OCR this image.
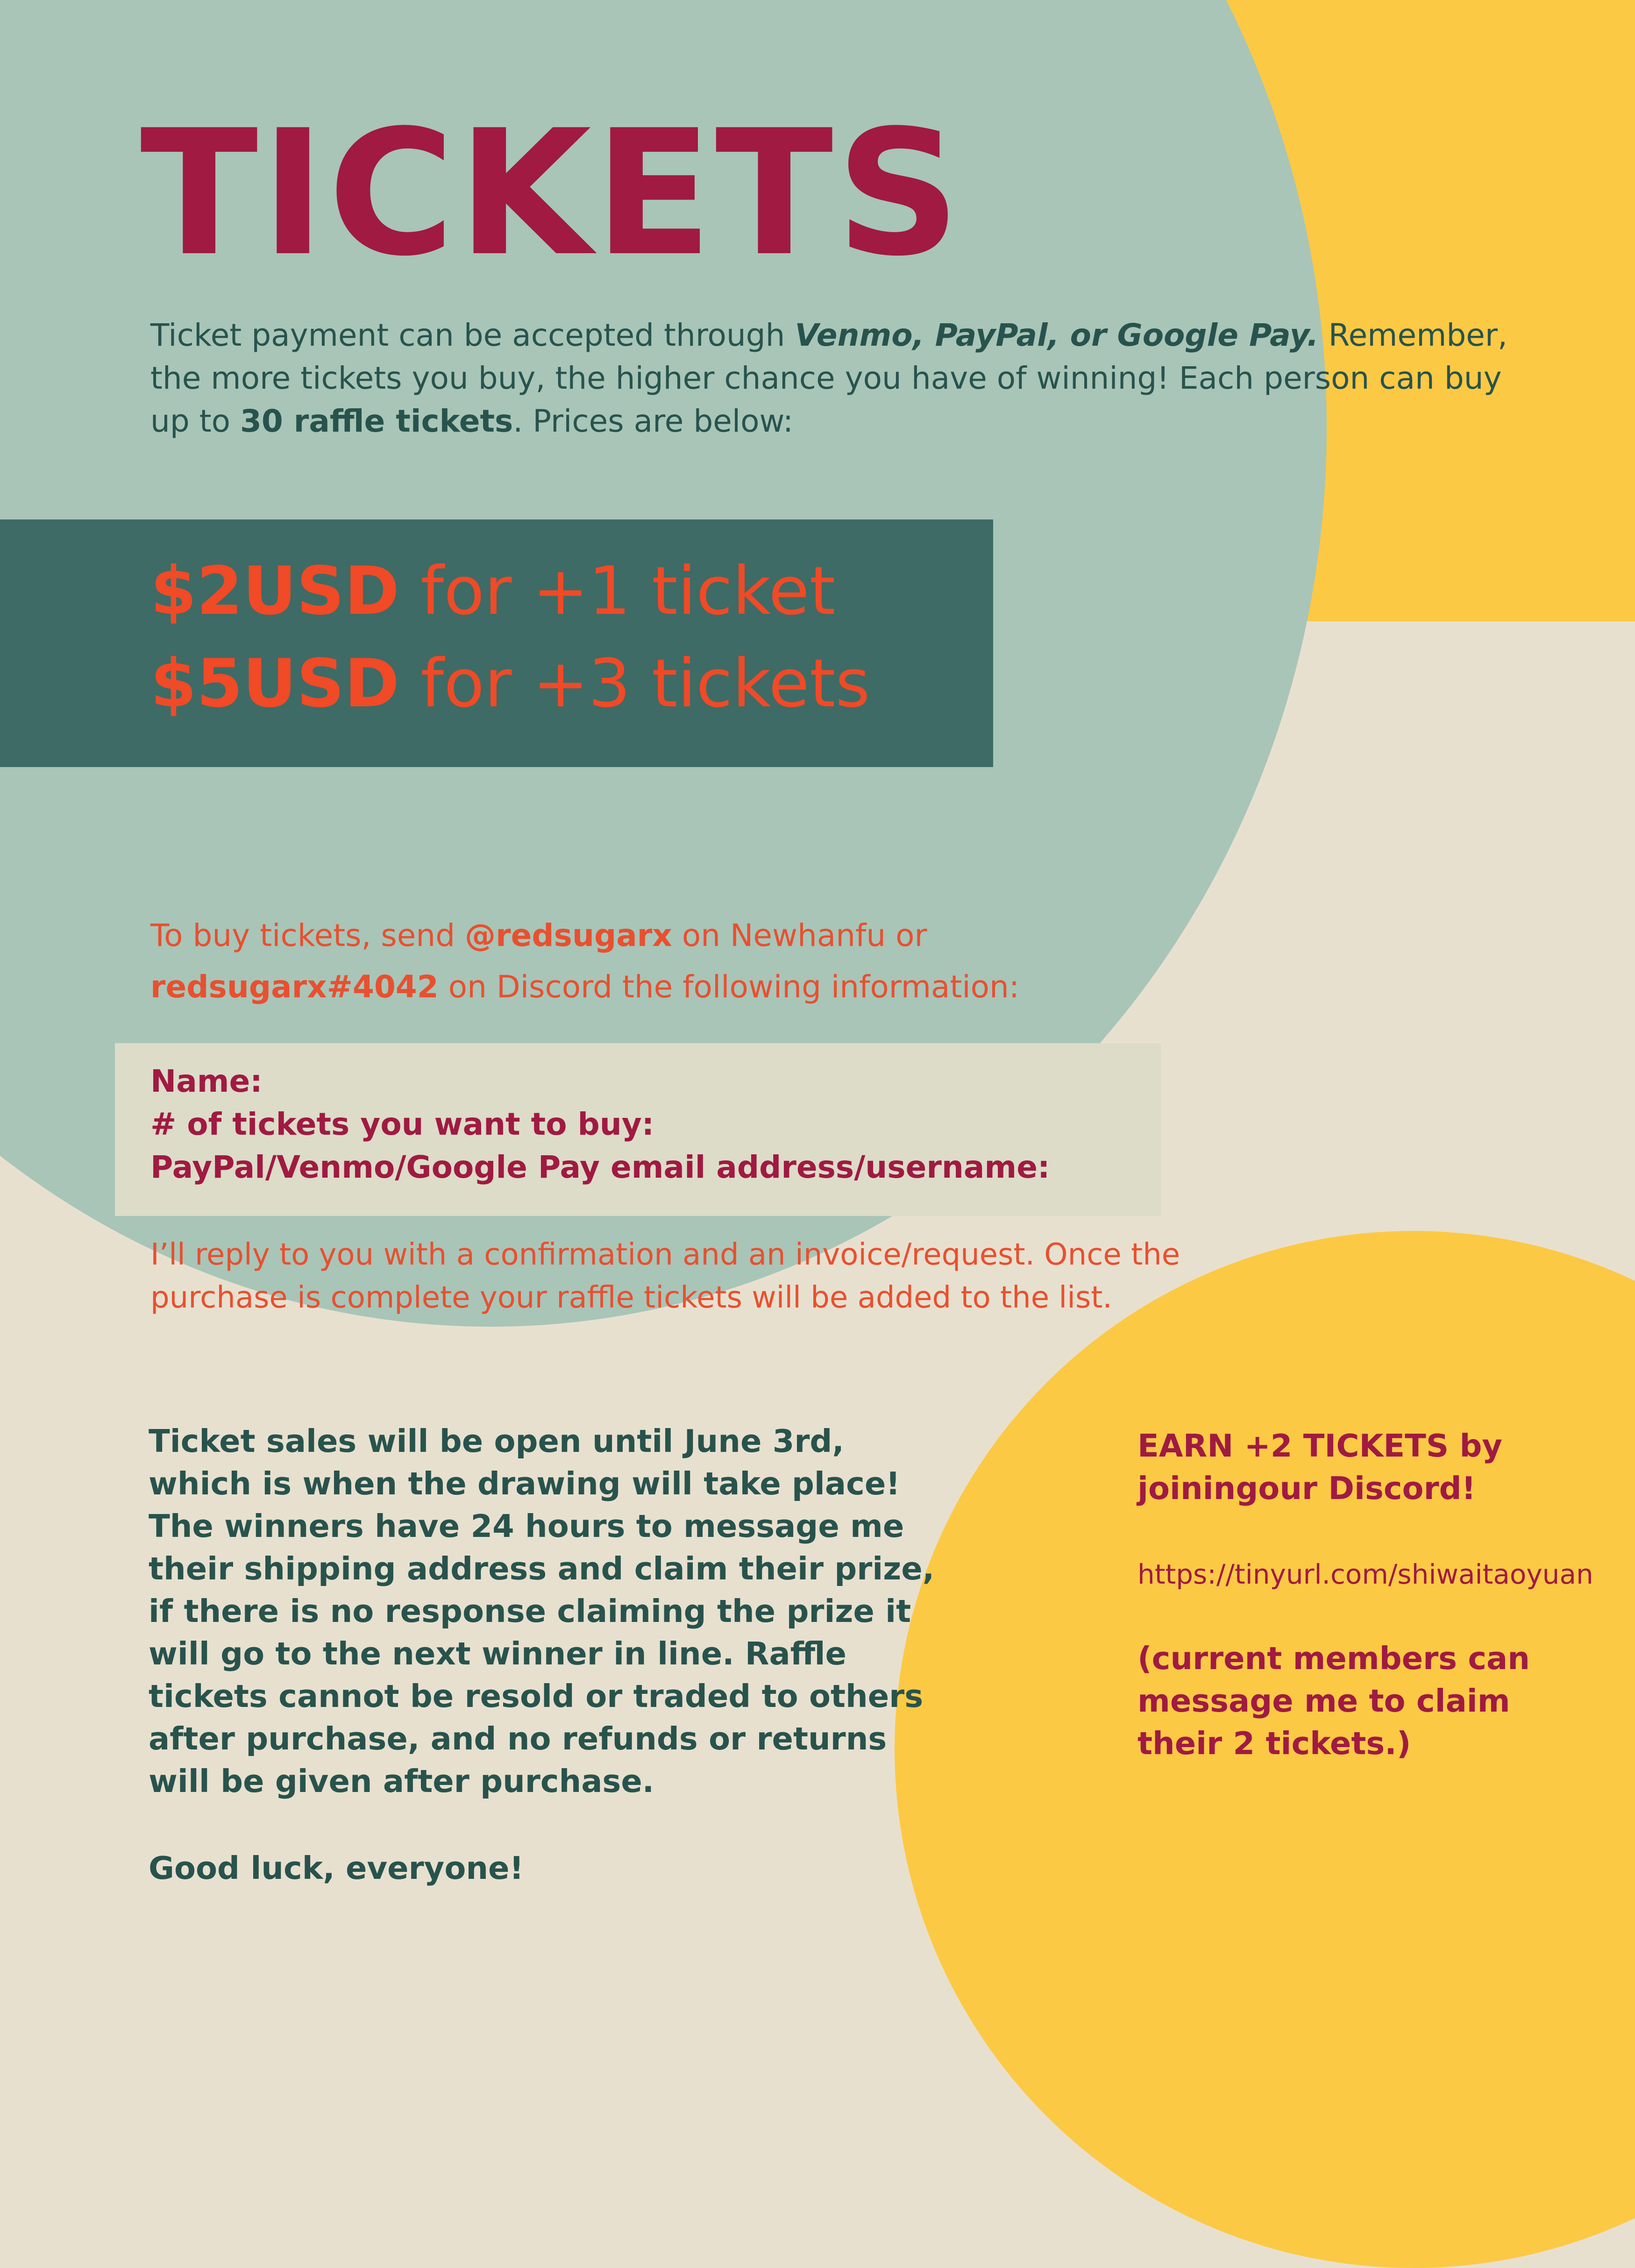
TICKETS

Ticket payment can be accepted through Venmo, PayPal, or Google Pay. Remember, the more tickets you buy, the higher chance you have of winning! Each person can buy up to 30 raffle tickets. Prices are below:

$2USD for +1 ticket

$5USD for +3 tickets

To buy tickets, send @redsugarx on Newhanfu or redsugarx#4042 on Discord the following information:

Name:

# of tickets you want to buy:

PayPal/Venmo/Google Pay email address/username:

I’ll reply to you with a confirmation and an invoice/request. Once the purchase is complete your raffle tickets will be added to the list.

Ticket sales will be open until June 3rd, which is when the drawing will take place! The winners have 24 hours to message me their shipping address and claim their prize, if there is no response claiming the prize it will go to the next winner in line. Raffle tickets cannot be resold or traded to others after purchase, and no refunds or returns will be given after purchase.

Good luck, everyone!

EARN +2 TICKETS by joiningour Discord!

https://tinyurl.com/shiwaitaoyuan

(current members can message me to claim their 2 tickets.)
